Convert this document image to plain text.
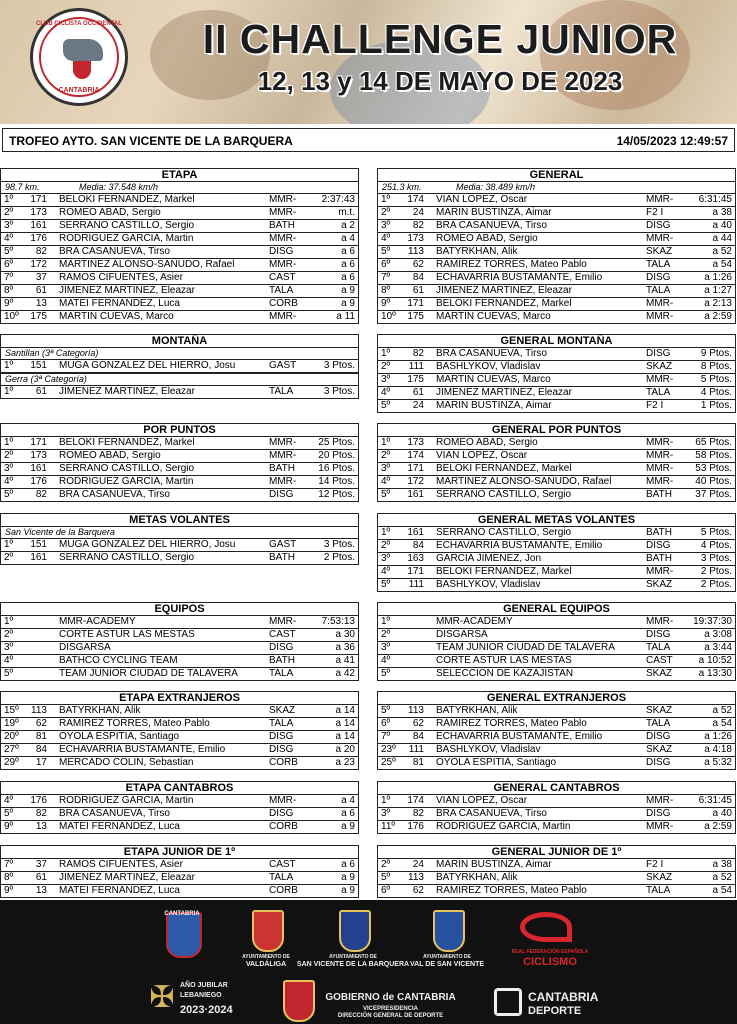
CLUB CICLISTA OCCIDENTAL
CANTABRIA
II CHALLENGE JUNIOR
12, 13 y 14 DE MAYO DE 2023
TROFEO AYTO. SAN VICENTE DE LA BARQUERA	14/05/2023 12:49:57
ETAPA
98.7 km.	Media: 37.548 km/h
1º	171 BELOKI FERNANDEZ, Markel	MMR-	2:37:43
2º	173 ROMEO ABAD, Sergio	MMR-	m.t.
3º	161 SERRANO CASTILLO, Sergio	BATH	a 2
4º	176 RODRIGUEZ GARCIA, Martin	MMR-	a 4
5º	82 BRA CASANUEVA, Tirso	DISG	a 6
6º	172 MARTINEZ ALONSO-SAÑUDO, Rafael	MMR-	a 6
7º	37 RAMOS CIFUENTES, Asier	CAST	a 6
8º	61 JIMENEZ MARTINEZ, Eleazar	TALA	a 9
9º	13 MATEI FERNANDEZ, Luca	CORB	a 9
10º	175 MARTIN CUEVAS, Marco	MMR-	a 11
MONTAÑA
Santillan (3ª Categoría)
1º	151 MUGA GONZALEZ DEL HIERRO, Josu	GAST	3 Ptos.
Gerra (3ª Categoría)
1º	61 JIMENEZ MARTINEZ, Eleazar	TALA	3 Ptos.
POR PUNTOS
1º	171 BELOKI FERNANDEZ, Markel	MMR- 25 Ptos.
2º	173 ROMEO ABAD, Sergio	MMR- 20 Ptos.
3º	161 SERRANO CASTILLO, Sergio	BATH 16 Ptos.
4º	176 RODRIGUEZ GARCIA, Martin	MMR- 14 Ptos.
5º	82 BRA CASANUEVA, Tirso	DISG 12 Ptos.
METAS VOLANTES
San Vicente de la Barquera
1º	151 MUGA GONZALEZ DEL HIERRO, Josu	GAST	3 Ptos.
2º	161 SERRANO CASTILLO, Sergio	BATH	2 Ptos.
EQUIPOS
1º	MMR-ACADEMY	MMR-	7:53:13
2º	CORTE ASTUR LAS MESTAS	CAST	a 30
3º	DISGARSA	DISG	a 36
4º	BATHCO CYCLING TEAM	BATH	a 41
5º	TEAM JUNIOR CIUDAD DE TALAVERA	TALA	a 42
ETAPA EXTRANJEROS
15º	113 BATYRKHAN, Alik	SKAZ	a 14
19º	62 RAMIREZ TORRES, Mateo Pablo	TALA	a 14
20º	81 OYOLA ESPITIA, Santiago	DISG	a 14
27º	84 ECHAVARRIA BUSTAMANTE, Emilio	DISG	a 20
29º	17 MERCADO COLIN, Sebastian	CORB	a 23
ETAPA CANTABROS
4º	176 RODRIGUEZ GARCIA, Martin	MMR-	a 4
5º	82 BRA CASANUEVA, Tirso	DISG	a 6
9º	13 MATEI FERNANDEZ, Luca	CORB	a 9
ETAPA JUNIOR DE 1º
7º	37 RAMOS CIFUENTES, Asier	CAST	a 6
8º	61 JIMENEZ MARTINEZ, Eleazar	TALA	a 9
9º	13 MATEI FERNANDEZ, Luca	CORB	a 9
GENERAL
251.3 km.	Media: 38.489 km/h
1º	174 VIAN LOPEZ, Oscar	MMR-	6:31:45
2º	24 MARIN BUSTINZA, Aimar	F2 I	a 38
3º	82 BRA CASANUEVA, Tirso	DISG	a 40
4º	173 ROMEO ABAD, Sergio	MMR-	a 44
5º	113 BATYRKHAN, Alik	SKAZ	a 52
6º	62 RAMIREZ TORRES, Mateo Pablo	TALA	a 54
7º	84 ECHAVARRIA BUSTAMANTE, Emilio	DISG	a 1:26
8º	61 JIMENEZ MARTINEZ, Eleazar	TALA	a 1:27
9º	171 BELOKI FERNANDEZ, Markel	MMR-	a 2:13
10º	175 MARTIN CUEVAS, Marco	MMR-	a 2:59
GENERAL MONTAÑA
1º	82 BRA CASANUEVA, Tirso	DISG	9 Ptos.
2º	111 BASHLYKOV, Vladislav	SKAZ	8 Ptos.
3º	175 MARTIN CUEVAS, Marco	MMR-	5 Ptos.
4º	61 JIMENEZ MARTINEZ, Eleazar	TALA	4 Ptos.
5º	24 MARIN BUSTINZA, Aimar	F2 I	1 Ptos.
GENERAL POR PUNTOS
1º	173 ROMEO ABAD, Sergio	MMR- 65 Ptos.
2º	174 VIAN LOPEZ, Oscar	MMR- 58 Ptos.
3º	171 BELOKI FERNANDEZ, Markel	MMR- 53 Ptos.
4º	172 MARTINEZ ALONSO-SAÑUDO, Rafael	MMR- 40 Ptos.
5º	161 SERRANO CASTILLO, Sergio	BATH 37 Ptos.
GENERAL METAS VOLANTES
1º	161 SERRANO CASTILLO, Sergio	BATH	5 Ptos.
2º	84 ECHAVARRIA BUSTAMANTE, Emilio	DISG	4 Ptos.
3º	163 GARCIA JIMENEZ, Jon	BATH	3 Ptos.
4º	171 BELOKI FERNANDEZ, Markel	MMR-	2 Ptos.
5º	111 BASHLYKOV, Vladislav	SKAZ	2 Ptos.
GENERAL EQUIPOS
1º	MMR-ACADEMY	MMR- 19:37:30
2º	DISGARSA	DISG	a 3:08
3º	TEAM JUNIOR CIUDAD DE TALAVERA	TALA	a 3:44
4º	CORTE ASTUR LAS MESTAS	CAST	a 10:52
5º	SELECCION DE KAZAJISTAN	SKAZ	a 13:30
GENERAL EXTRANJEROS
5º	113 BATYRKHAN, Alik	SKAZ	a 52
6º	62 RAMIREZ TORRES, Mateo Pablo	TALA	a 54
7º	84 ECHAVARRIA BUSTAMANTE, Emilio	DISG	a 1:26
23º	111 BASHLYKOV, Vladislav	SKAZ	a 4:18
25º	81 OYOLA ESPITIA, Santiago	DISG	a 5:32
GENERAL CANTABROS
1º	174 VIAN LOPEZ, Oscar	MMR-	6:31:45
3º	82 BRA CASANUEVA, Tirso	DISG	a 40
11º	176 RODRIGUEZ GARCIA, Martin	MMR-	a 2:59
GENERAL JUNIOR DE 1º
2º	24 MARIN BUSTINZA, Aimar	F2 I	a 38
5º	113 BATYRKHAN, Alik	SKAZ	a 52
6º	62 RAMIREZ TORRES, Mateo Pablo	TALA	a 54
CANTABRIA
AYUNTAMIENTO DE
VALDÁLIGA
AYUNTAMIENTO DE
SAN VICENTE DE LA BARQUERA
AYUNTAMIENTO DE
VAL DE SAN VICENTE
REAL FEDERACIÓN ESPAÑOLA
CICLISMO
✠ AÑO JUBILAR
LEBANIEGO
2023·2024
GOBIERNO de CANTABRIA
VICEPRESIDENCIA
DIRECCIÓN GENERAL DE DEPORTE
CANTABRIA
DEPORTE
